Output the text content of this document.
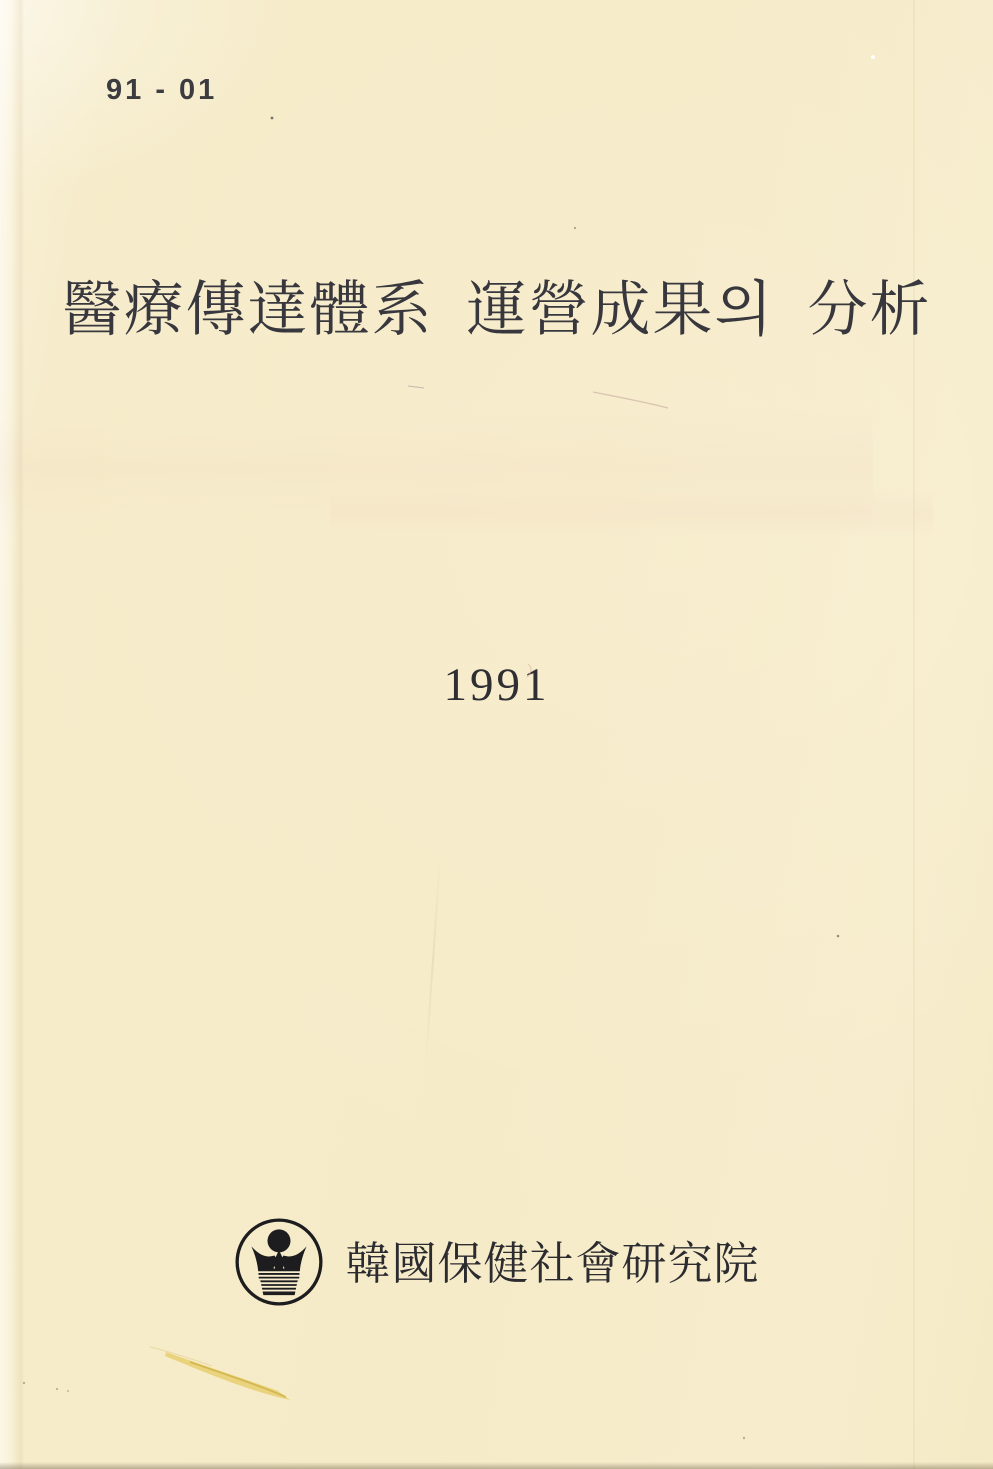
91 - 01
醫療傳達體系 運營成果의 分析
1991
韓國保健社會研究院
